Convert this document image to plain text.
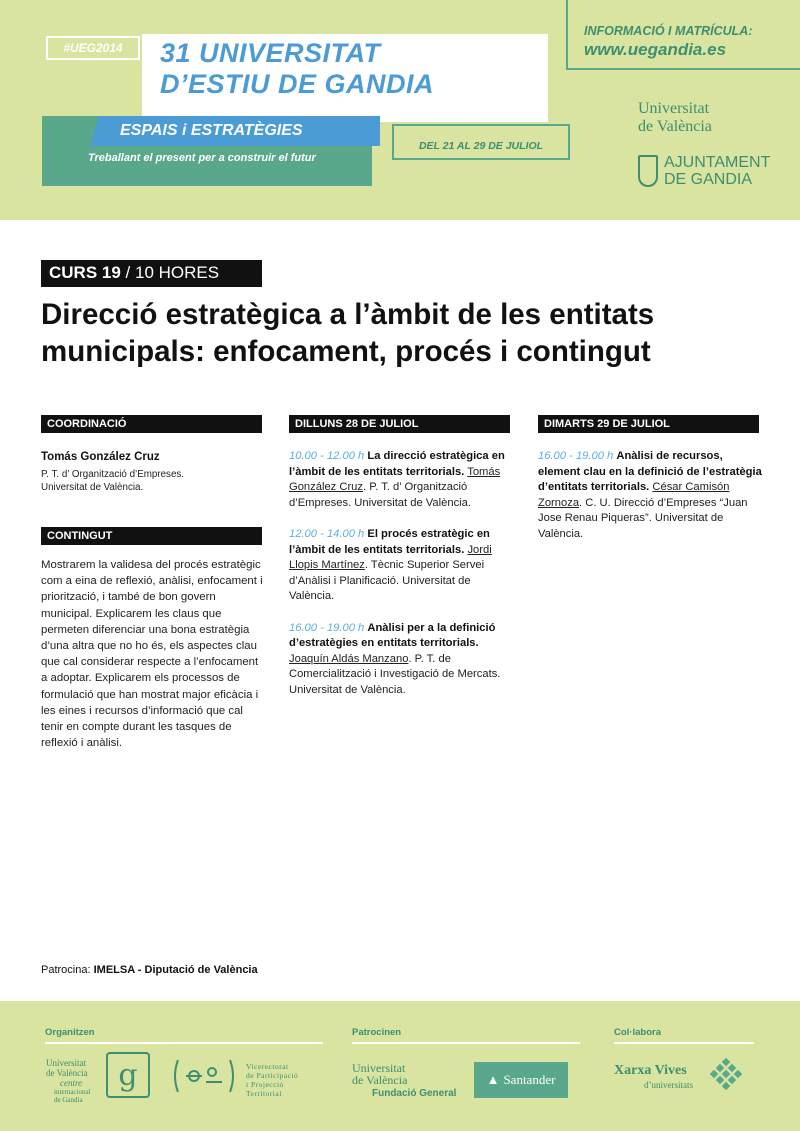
#UEG2014	31 UNIVERSITAT
D’ESTIU DE GANDIA
ESPAIS i ESTRATÈGIES
Treballant el present per a construir el futur
DEL 21 AL 29 DE JULIOL
INFORMACIÓ I MATRÍCULA:
www.uegandia.es
Universitat
de València
AJUNTAMENT
DE GANDIA
CURS 19 / 10 HORES
Direcció estratègica a l’àmbit de les entitats
municipals: enfocament, procés i contingut
COORDINACIÓ
Tomás González Cruz
P. T. d’ Organització d’Empreses.
Universitat de València.
CONTINGUT
Mostrarem la validesa del procés estratègic com a eina de reflexió, anàlisi, enfocament i priorització, i també de bon govern municipal. Explicarem les claus que permeten diferenciar una bona estratègia d’una altra que no ho és, els aspectes clau que cal considerar respecte a l’enfocament a adoptar. Explicarem els processos de formulació que han mostrat major eficàcia i les eines i recursos d’informació que cal tenir en compte durant les tasques de reflexió i anàlisi.
DILLUNS 28 DE JULIOL
10.00 - 12.00 h La direcció estratègica en l’àmbit de les entitats territorials. Tomás González Cruz. P. T. d’ Organització d’Empreses. Universitat de València.
12.00 - 14.00 h El procés estratègic en l’àmbit de les entitats territorials. Jordi Llopis Martínez. Tècnic Superior Servei d’Anàlisi i Planificació. Universitat de València.
16.00 - 19.00 h Anàlisi per a la definició d’estratègies en entitats territorials. Joaquín Aldás Manzano. P. T. de Comercialització i Investigació de Mercats. Universitat de València.
DIMARTS 29 DE JULIOL
16.00 - 19.00 h Anàlisi de recursos, element clau en la definició de l’estratègia d’entitats territorials. César Camisón Zornoza. C. U. Direcció d’Empreses “Juan Jose Renau Piqueras”. Universitat de València.
Patrocina: IMELSA - Diputació de València
Organitzen	Patrocinen	Col·labora
Universitat
de València
centre
internacional
de Gandia
g	Vicerectorat
de Participació
i Projecció
Territorial
Universitat
de València
Fundació General
▲ Santander
Xarxa Vives
d’universitats
